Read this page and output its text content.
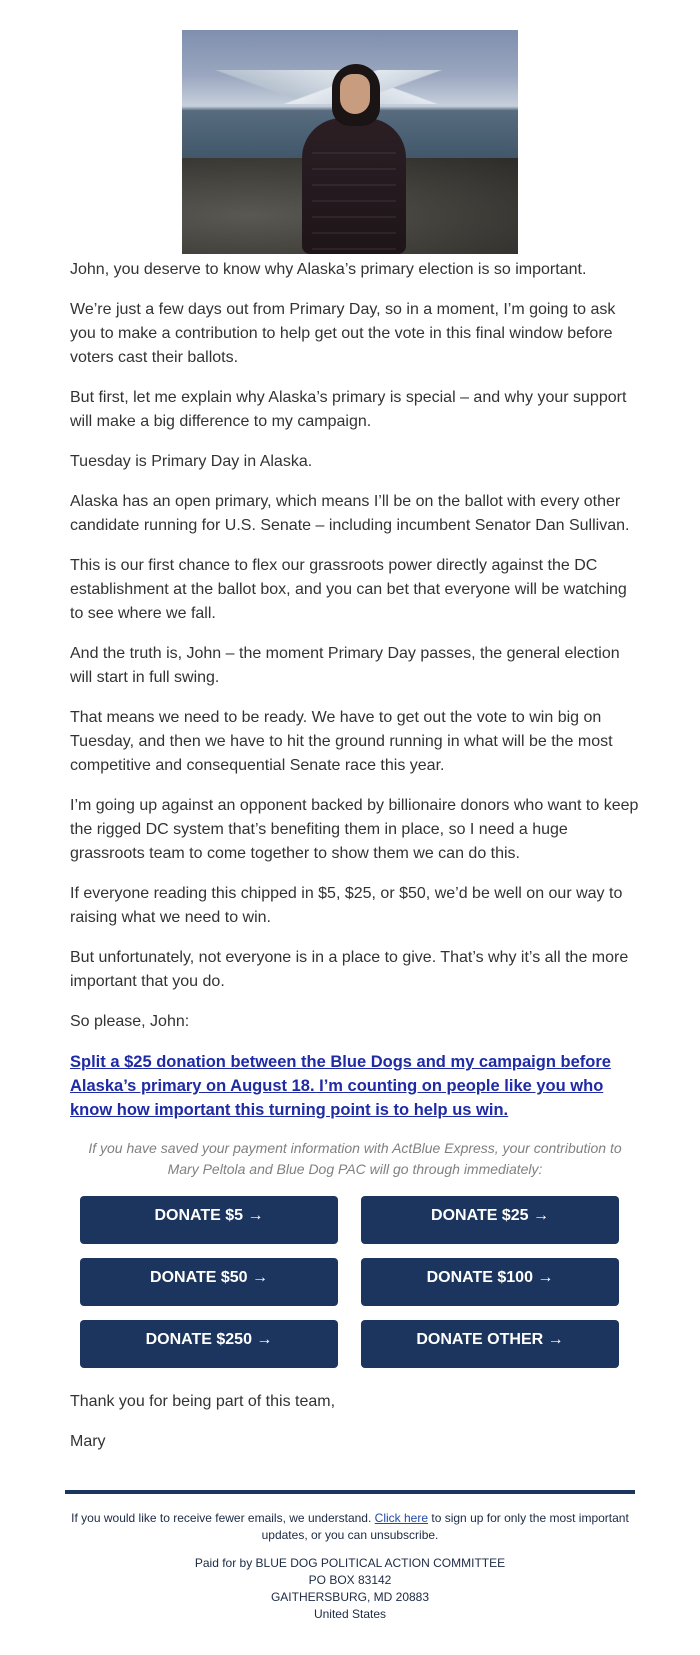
John, you deserve to know why Alaska’s primary election is so important.

We’re just a few days out from Primary Day, so in a moment, I’m going to ask you to make a contribution to help get out the vote in this final window before voters cast their ballots.

But first, let me explain why Alaska’s primary is special – and why your support will make a big difference to my campaign.

Tuesday is Primary Day in Alaska.

Alaska has an open primary, which means I’ll be on the ballot with every other candidate running for U.S. Senate – including incumbent Senator Dan Sullivan.

This is our first chance to flex our grassroots power directly against the DC establishment at the ballot box, and you can bet that everyone will be watching to see where we fall.

And the truth is, John – the moment Primary Day passes, the general election will start in full swing.

That means we need to be ready. We have to get out the vote to win big on Tuesday, and then we have to hit the ground running in what will be the most competitive and consequential Senate race this year.

I’m going up against an opponent backed by billionaire donors who want to keep the rigged DC system that’s benefiting them in place, so I need a huge grassroots team to come together to show them we can do this.

If everyone reading this chipped in $5, $25, or $50, we’d be well on our way to raising what we need to win.

But unfortunately, not everyone is in a place to give. That’s why it’s all the more important that you do.

So please, John:

Split a $25 donation between the Blue Dogs and my campaign before Alaska’s primary on August 18. I’m counting on people like you who know how important this turning point is to help us win.
If you have saved your payment information with ActBlue Express, your contribution to Mary Peltola and Blue Dog PAC will go through immediately:
DONATE $5 →	DONATE $25 →
DONATE $50 →	DONATE $100 →
DONATE $250 →	DONATE OTHER →

Thank you for being part of this team,

Mary

If you would like to receive fewer emails, we understand. Click here to sign up for only the most important updates, or you can unsubscribe.

Paid for by BLUE DOG POLITICAL ACTION COMMITTEE
PO BOX 83142
GAITHERSBURG, MD 20883
United States
